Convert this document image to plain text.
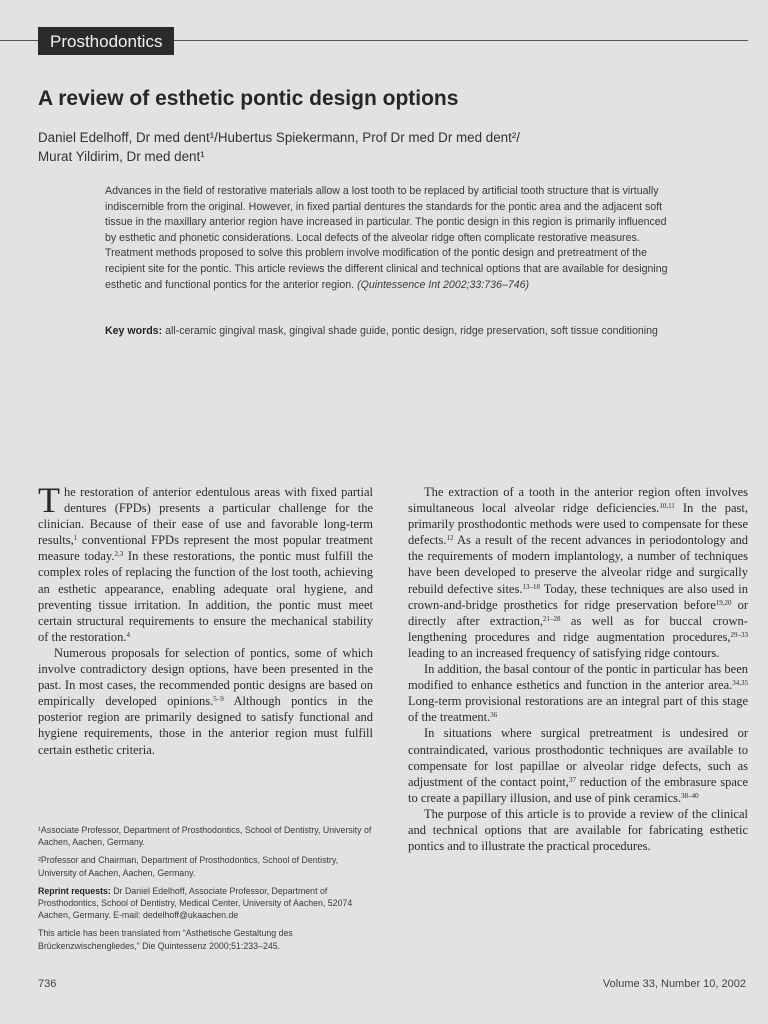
Prosthodontics
A review of esthetic pontic design options
Daniel Edelhoff, Dr med dent¹/Hubertus Spiekermann, Prof Dr med Dr med dent²/
Murat Yildirim, Dr med dent¹
Advances in the field of restorative materials allow a lost tooth to be replaced by artificial tooth structure that is virtually indiscernible from the original. However, in fixed partial dentures the standards for the pontic area and the adjacent soft tissue in the maxillary anterior region have increased in particular. The pontic design in this region is primarily influenced by esthetic and phonetic considerations. Local defects of the alveolar ridge often complicate restorative measures. Treatment methods proposed to solve this problem involve modification of the pontic design and pretreatment of the recipient site for the pontic. This article reviews the different clinical and technical options that are available for designing esthetic and functional pontics for the anterior region. (Quintessence Int 2002;33:736–746)
Key words: all-ceramic gingival mask, gingival shade guide, pontic design, ridge preservation, soft tissue conditioning

The restoration of anterior edentulous areas with fixed partial dentures (FPDs) presents a particular challenge for the clinician. Because of their ease of use and favorable long-term results,$^1$ conventional FPDs represent the most popular treatment measure today.$^{2,3}$ In these restorations, the pontic must fulfill the complex roles of replacing the function of the lost tooth, achieving an esthetic appearance, enabling adequate oral hygiene, and preventing tissue irritation. In addition, the pontic must meet certain structural requirements to ensure the mechanical stability of the restoration.$^4$

Numerous proposals for selection of pontics, some of which involve contradictory design options, have been presented in the past. In most cases, the recommended pontic designs are based on empirically developed opinions.$^{5-9}$ Although pontics in the posterior region are primarily designed to satisfy functional and hygiene requirements, those in the anterior region must fulfill certain esthetic criteria.

The extraction of a tooth in the anterior region often involves simultaneous local alveolar ridge deficiencies.$^{10,11}$ In the past, primarily prosthodontic methods were used to compensate for these defects.$^{12}$ As a result of the recent advances in periodontology and the requirements of modern implantology, a number of techniques have been developed to preserve the alveolar ridge and surgically rebuild defective sites.$^{13-18}$ Today, these techniques are also used in crown-and-bridge prosthetics for ridge preservation before$^{19,20}$ or directly after extraction,$^{21-28}$ as well as for buccal crown-lengthening procedures and ridge augmentation procedures,$^{29-33}$ leading to an increased frequency of satisfying ridge contours.

In addition, the basal contour of the pontic in particular has been modified to enhance esthetics and function in the anterior area.$^{34,35}$ Long-term provisional restorations are an integral part of this stage of the treatment.$^{36}$

In situations where surgical pretreatment is undesired or contraindicated, various prosthodontic techniques are available to compensate for lost papillae or alveolar ridge defects, such as adjustment of the contact point,$^{37}$ reduction of the embrasure space to create a papillary illusion, and use of pink ceramics.$^{38-40}$

The purpose of this article is to provide a review of the clinical and technical options that are available for fabricating esthetic pontics and to illustrate the practical procedures.

¹Associate Professor, Department of Prosthodontics, School of Dentistry, University of Aachen, Aachen, Germany.

²Professor and Chairman, Department of Prosthodontics, School of Dentistry, University of Aachen, Aachen, Germany.

Reprint requests: Dr Daniel Edelhoff, Associate Professor, Department of Prosthodontics, School of Dentistry, Medical Center, University of Aachen, 52074 Aachen, Germany. E-mail: dedelhoff@ukaachen.de

This article has been translated from “Asthetische Gestaltung des Brückenzwischengliedes,” Die Quintessenz 2000;51:233–245.

736	Volume 33, Number 10, 2002
